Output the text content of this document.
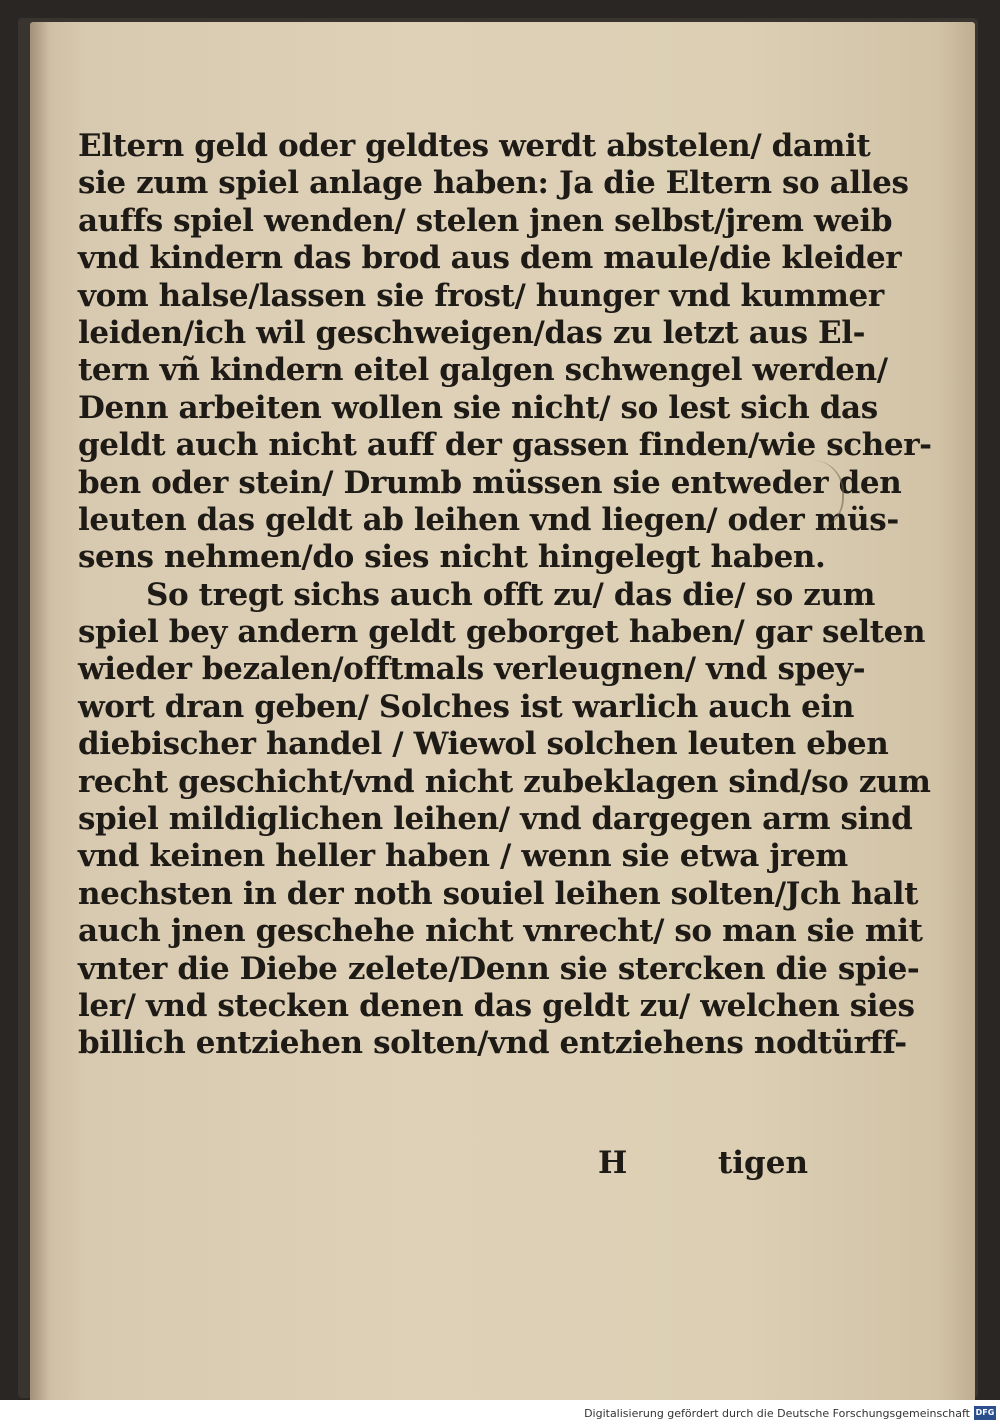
Eltern geld oder geldtes werdt abstelen/ damit
sie zum spiel anlage haben: Ja die Eltern so alles
auffs spiel wenden/ stelen jnen selbst/jrem weib
vnd kindern das brod aus dem maule/die kleider
vom halse/lassen sie frost/ hunger vnd kummer
leiden/ich wil geschweigen/das zu letzt aus El-
tern vñ kindern eitel galgen schwengel werden/
Denn arbeiten wollen sie nicht/ so lest sich das
geldt auch nicht auff der gassen finden/wie scher-
ben oder stein/ Drumb müssen sie entweder den
leuten das geldt ab leihen vnd liegen/ oder müs-
sens nehmen/do sies nicht hingelegt haben.
So tregt sichs auch offt zu/ das die/ so zum
spiel bey andern geldt geborget haben/ gar selten
wieder bezalen/offtmals verleugnen/ vnd spey-
wort dran geben/ Solches ist warlich auch ein
diebischer handel / Wiewol solchen leuten eben
recht geschicht/vnd nicht zubeklagen sind/so zum
spiel mildiglichen leihen/ vnd dargegen arm sind
vnd keinen heller haben / wenn sie etwa jrem
nechsten in der noth souiel leihen solten/Jch halt
auch jnen geschehe nicht vnrecht/ so man sie mit
vnter die Diebe zelete/Denn sie stercken die spie-
ler/ vnd stecken denen das geldt zu/ welchen sies
billich entziehen solten/vnd entziehens nodtürff-
H	tigen
Digitalisierung gefördert durch die Deutsche Forschungsgemeinschaft DFG
